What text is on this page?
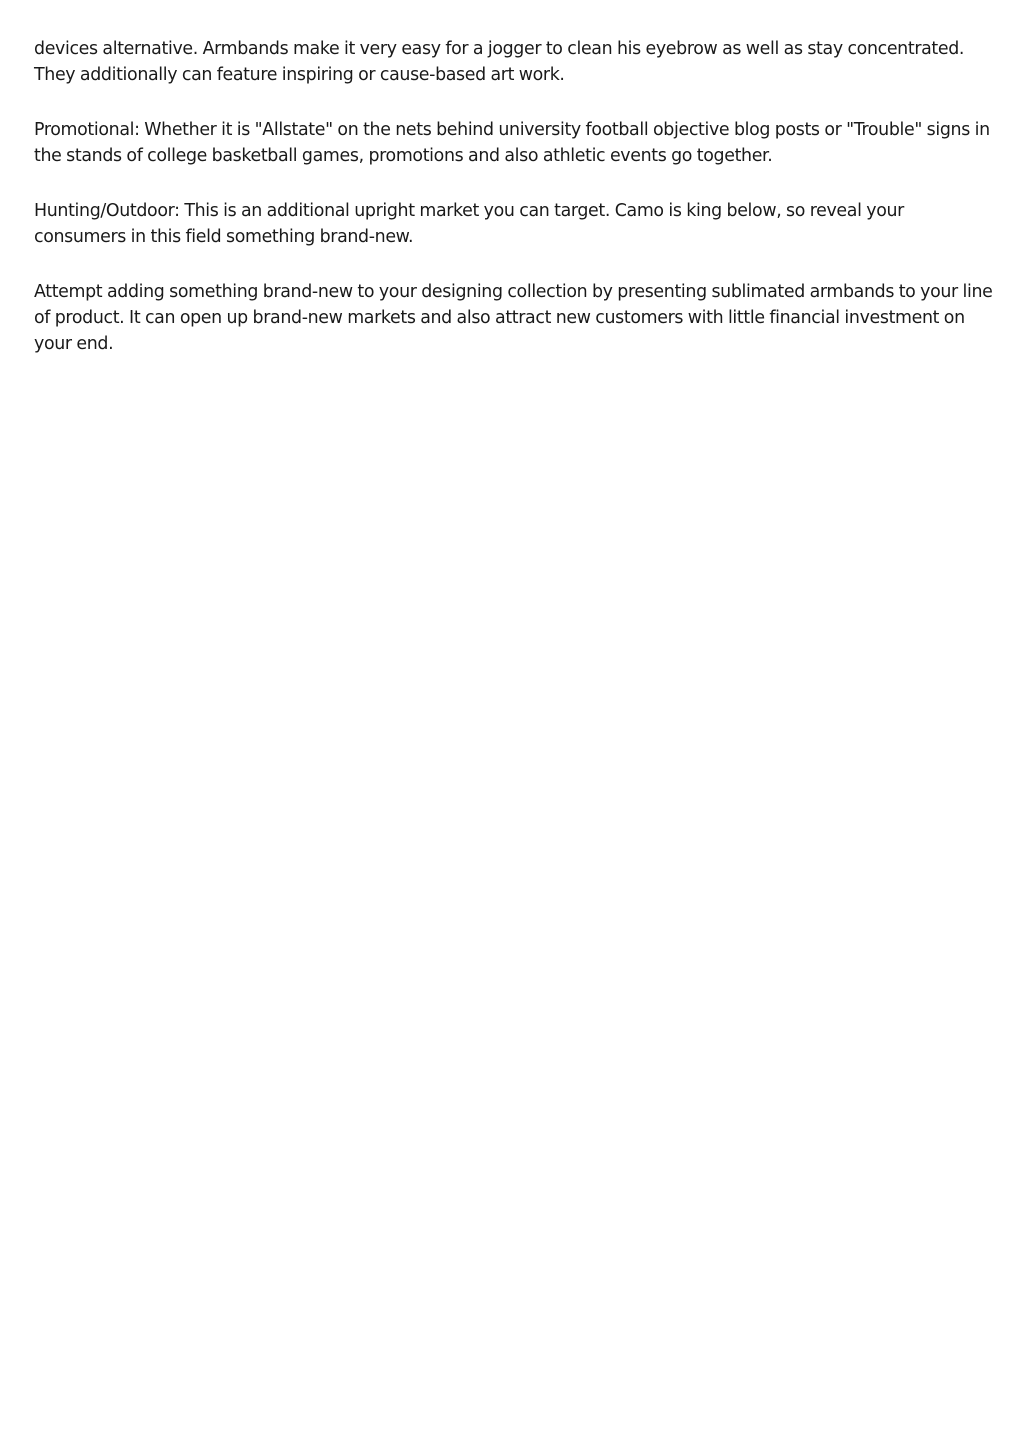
devices alternative. Armbands make it very easy for a jogger to clean his eyebrow as well as stay concentrated. They additionally can feature inspiring or cause-based art work.

Promotional: Whether it is "Allstate" on the nets behind university football objective blog posts or "Trouble" signs in the stands of college basketball games, promotions and also athletic events go together.

Hunting/Outdoor: This is an additional upright market you can target. Camo is king below, so reveal your consumers in this field something brand-new.

Attempt adding something brand-new to your designing collection by presenting sublimated armbands to your line of product. It can open up brand-new markets and also attract new customers with little financial investment on your end.
